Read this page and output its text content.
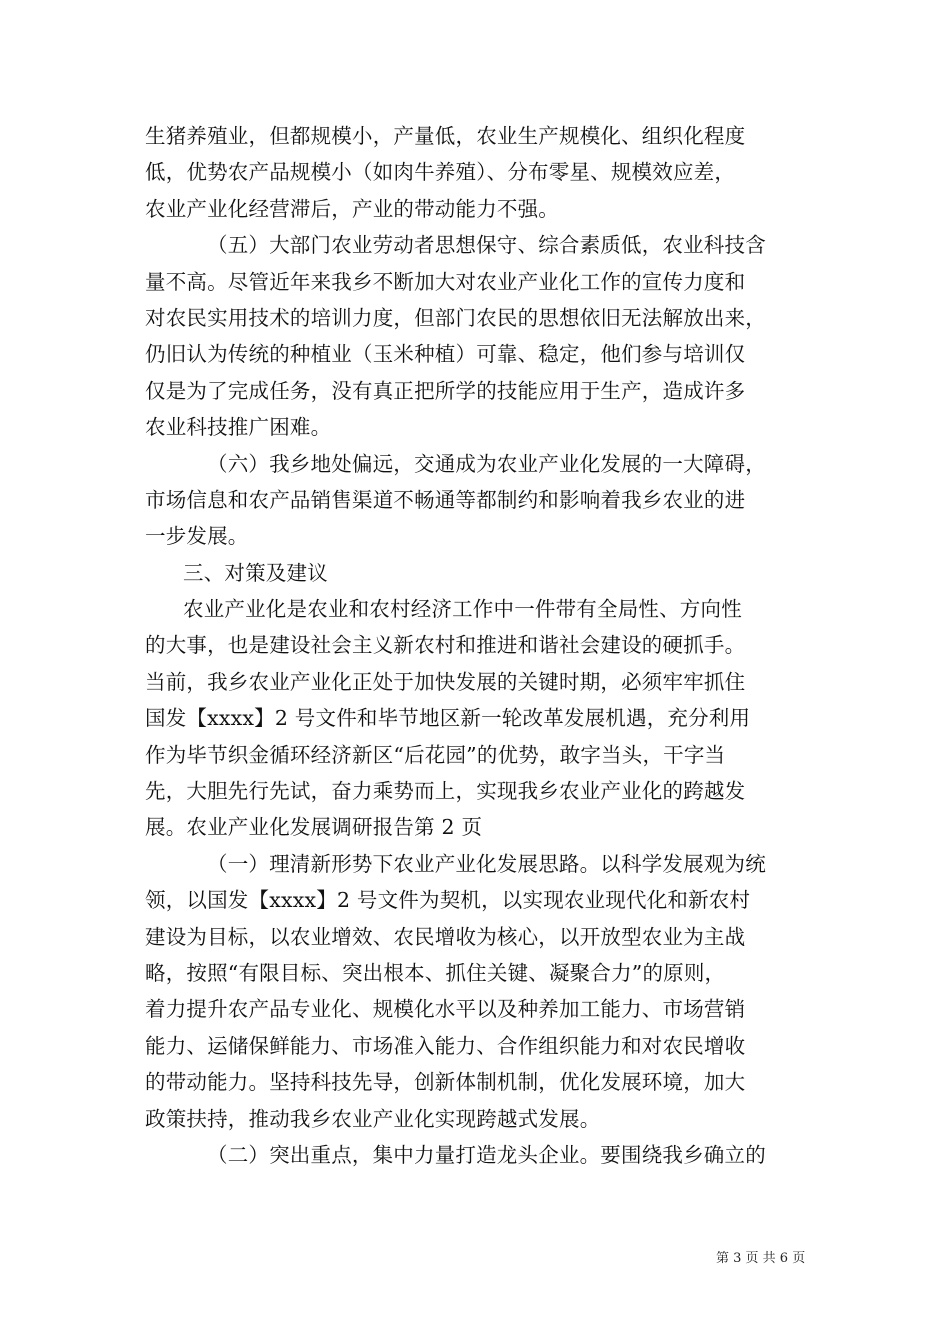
生猪养殖业，但都规模小，产量低，农业生产规模化、组织化程度
低，优势农产品规模小（如肉牛养殖）、分布零星、规模效应差，
农业产业化经营滞后，产业的带动能力不强。
（五）大部门农业劳动者思想保守、综合素质低，农业科技含
量不高。尽管近年来我乡不断加大对农业产业化工作的宣传力度和
对农民实用技术的培训力度，但部门农民的思想依旧无法解放出来，
仍旧认为传统的种植业（玉米种植）可靠、稳定，他们参与培训仅
仅是为了完成任务，没有真正把所学的技能应用于生产，造成许多
农业科技推广困难。
（六）我乡地处偏远，交通成为农业产业化发展的一大障碍，
市场信息和农产品销售渠道不畅通等都制约和影响着我乡农业的进
一步发展。
三、对策及建议
农业产业化是农业和农村经济工作中一件带有全局性、方向性
的大事，也是建设社会主义新农村和推进和谐社会建设的硬抓手。
当前，我乡农业产业化正处于加快发展的关键时期，必须牢牢抓住
国发【xxxx】2 号文件和毕节地区新一轮改革发展机遇，充分利用
作为毕节织金循环经济新区“后花园”的优势，敢字当头，干字当
先，大胆先行先试，奋力乘势而上，实现我乡农业产业化的跨越发
展。农业产业化发展调研报告第 2 页
（一）理清新形势下农业产业化发展思路。以科学发展观为统
领，以国发【xxxx】2 号文件为契机，以实现农业现代化和新农村
建设为目标，以农业增效、农民增收为核心，以开放型农业为主战
略，按照“有限目标、突出根本、抓住关键、凝聚合力”的原则，
着力提升农产品专业化、规模化水平以及种养加工能力、市场营销
能力、运储保鲜能力、市场准入能力、合作组织能力和对农民增收
的带动能力。坚持科技先导，创新体制机制，优化发展环境，加大
政策扶持，推动我乡农业产业化实现跨越式发展。
（二）突出重点，集中力量打造龙头企业。要围绕我乡确立的
第 3 页 共 6 页
